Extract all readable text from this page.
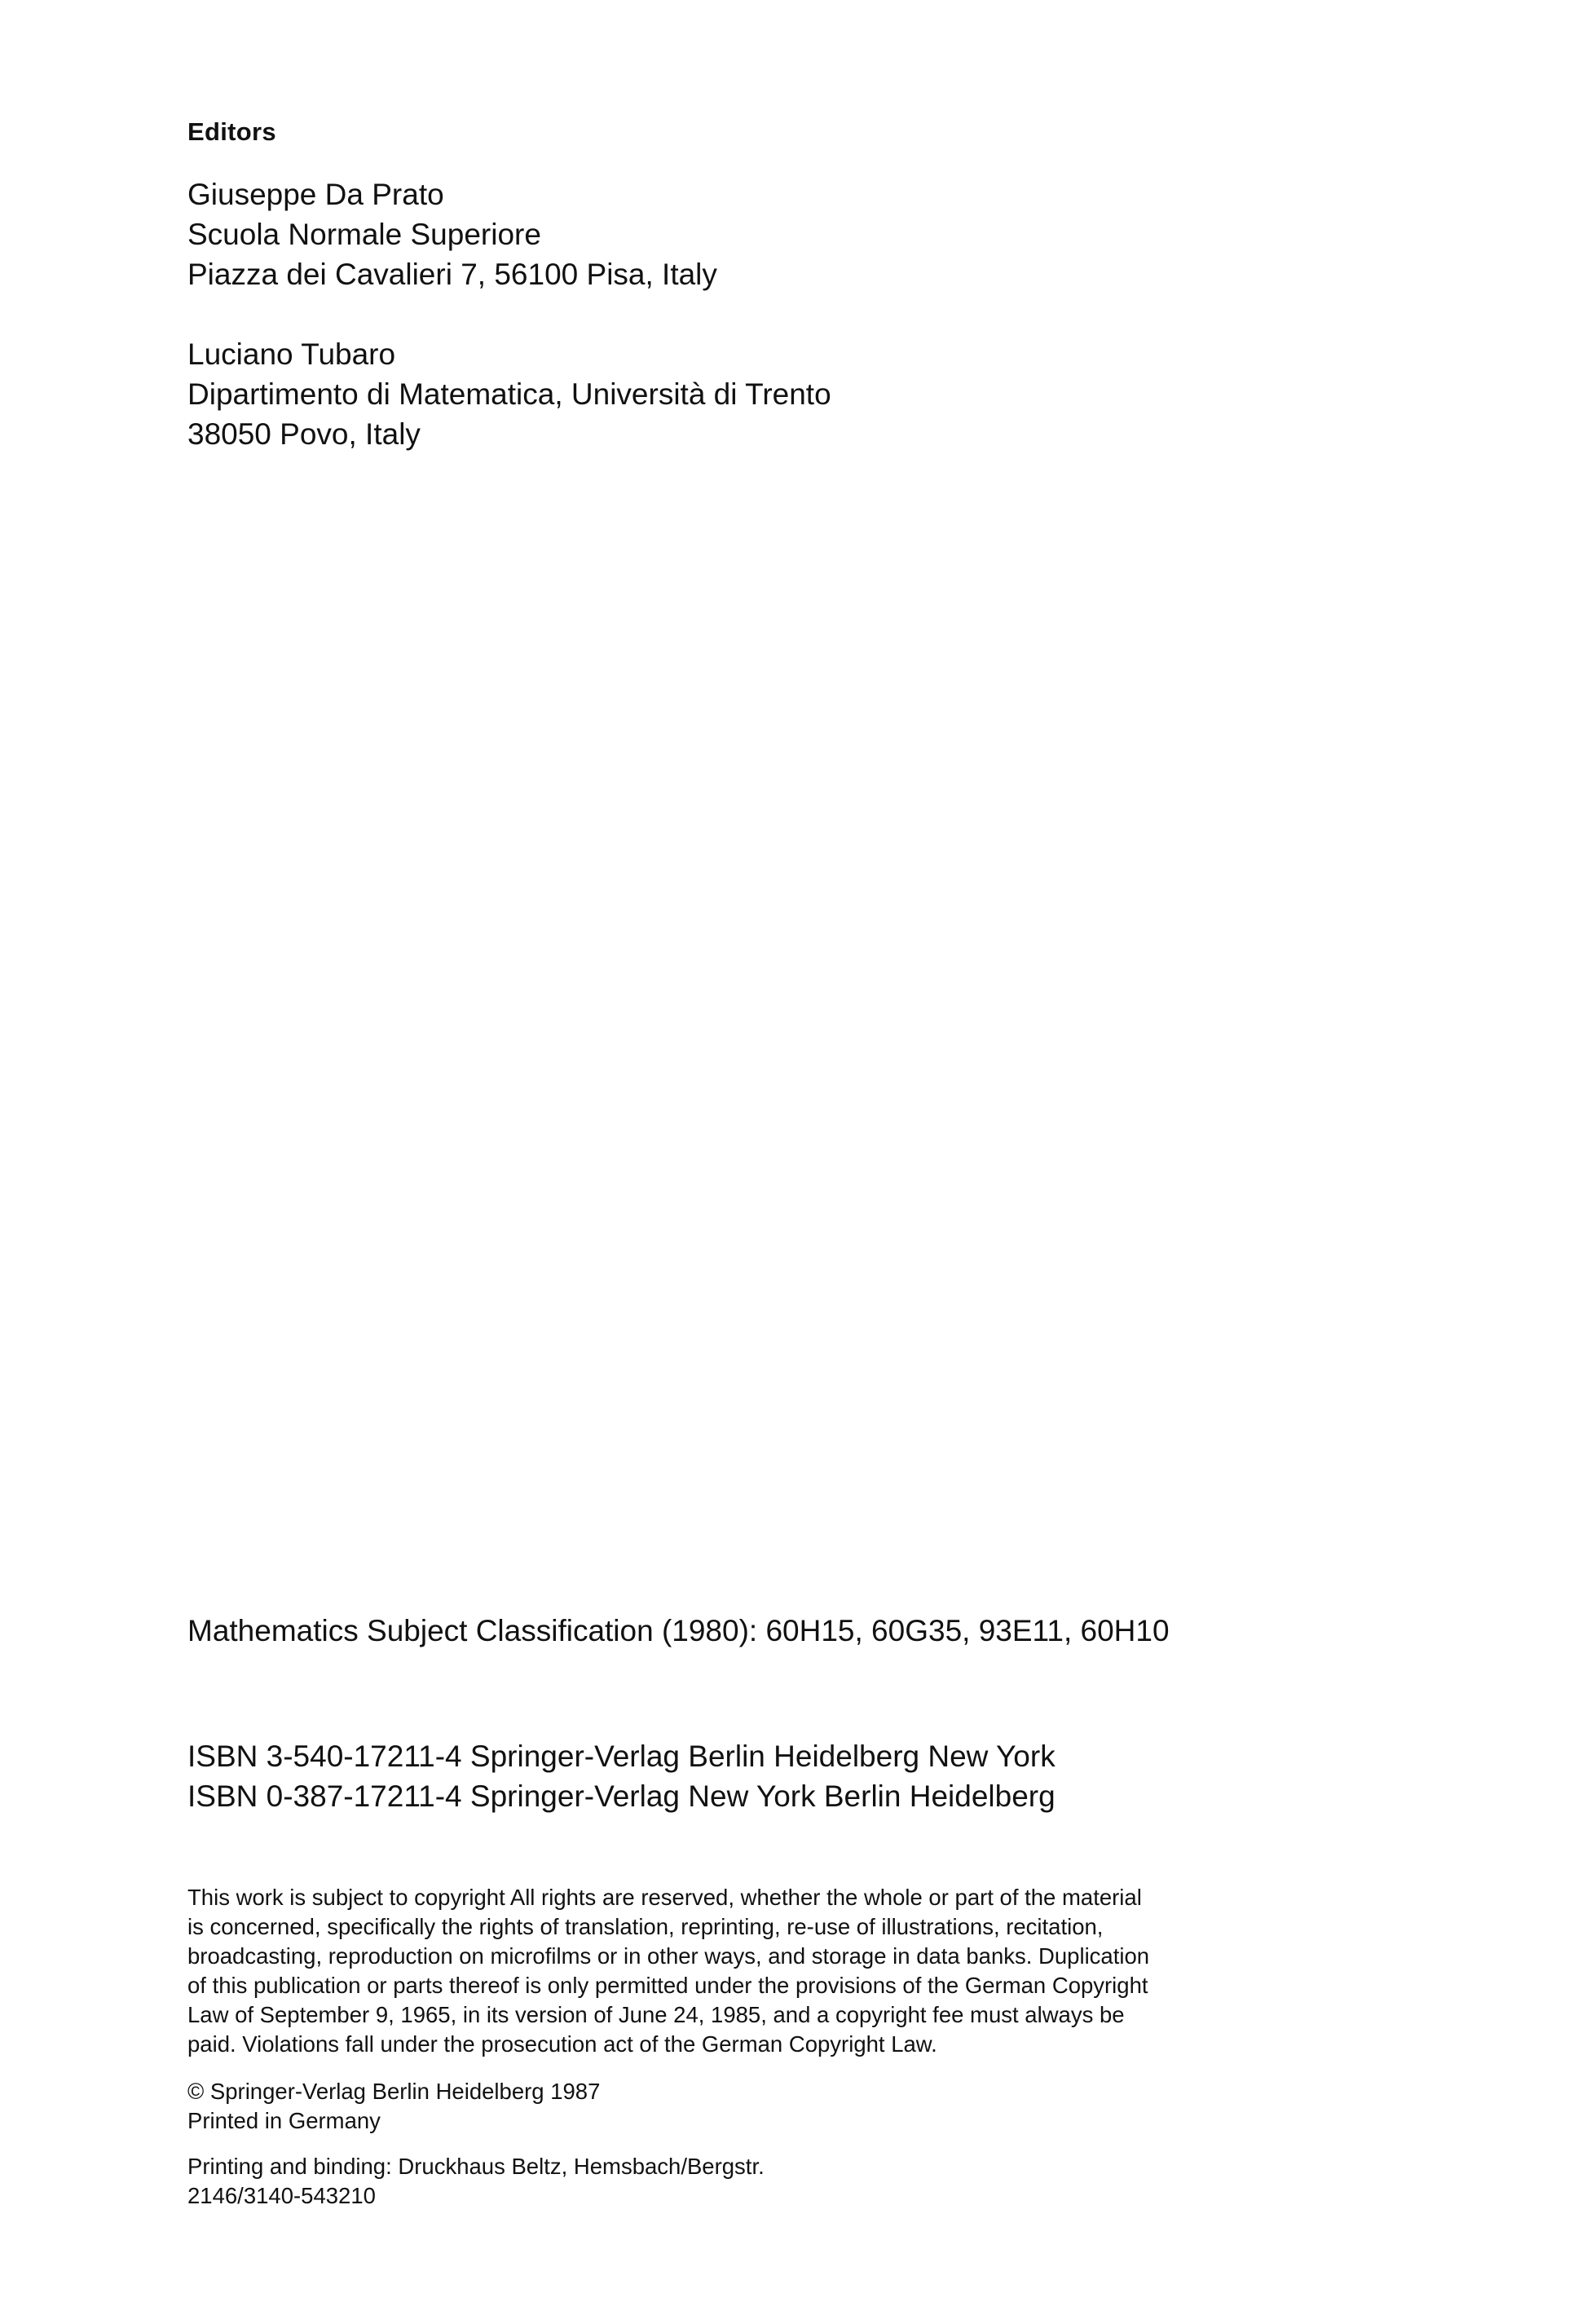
Editors
Giuseppe Da Prato
Scuola Normale Superiore
Piazza dei Cavalieri 7, 56100 Pisa, Italy
Luciano Tubaro
Dipartimento di Matematica, Università di Trento
38050 Povo, Italy
Mathematics Subject Classification (1980): 60H15, 60G35, 93E11, 60H10
ISBN 3-540-17211-4 Springer-Verlag Berlin Heidelberg New York
ISBN 0-387-17211-4 Springer-Verlag New York Berlin Heidelberg
This work is subject to copyright All rights are reserved, whether the whole or part of the material
is concerned, specifically the rights of translation, reprinting, re-use of illustrations, recitation,
broadcasting, reproduction on microfilms or in other ways, and storage in data banks. Duplication
of this publication or parts thereof is only permitted under the provisions of the German Copyright
Law of September 9, 1965, in its version of June 24, 1985, and a copyright fee must always be
paid. Violations fall under the prosecution act of the German Copyright Law.
© Springer-Verlag Berlin Heidelberg 1987
Printed in Germany
Printing and binding: Druckhaus Beltz, Hemsbach/Bergstr.
2146/3140-543210
